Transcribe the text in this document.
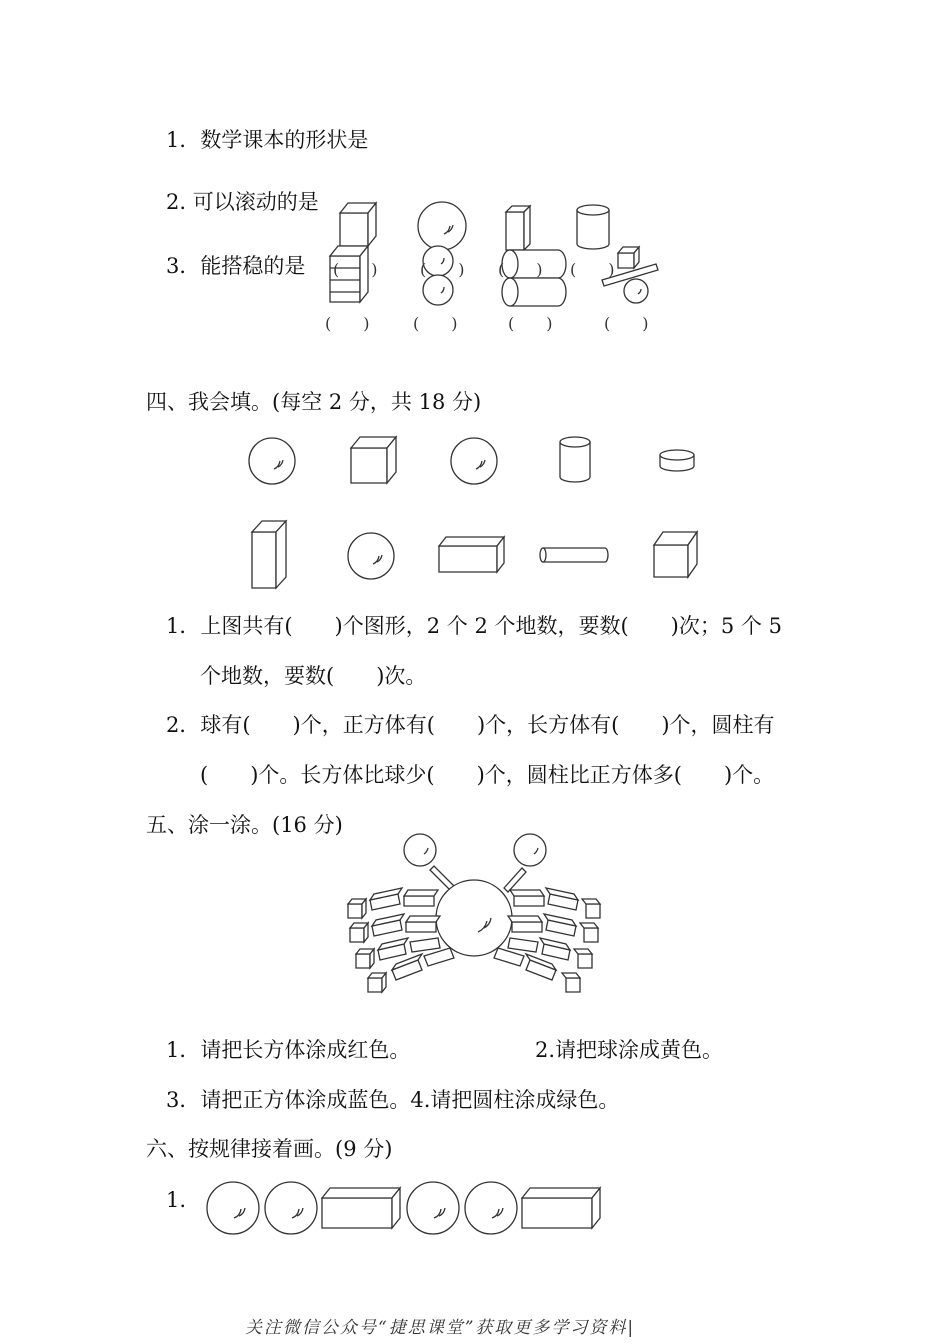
1．数学课本的形状是
2. 可以滚动的是
3．能搭稳的是
(　　)	(　　)	(　　)	(　　)
(　　)	(　　) (　　) (　　)
四、我会填。(每空 2 分，共 18 分)
1．上图共有(　　)个图形，2 个 2 个地数，要数(　　)次；5 个 5
个地数，要数(　　)次。
2．球有(　　)个，正方体有(　　)个，长方体有(　　)个，圆柱有
(　　)个。长方体比球少(　　)个，圆柱比正方体多(　　)个。
五、涂一涂。(16 分)
1．请把长方体涂成红色。	2.请把球涂成黄色。
3．请把正方体涂成蓝色。4.请把圆柱涂成绿色。
六、按规律接着画。(9 分)
1.
关注微信公众号“捷思课堂”获取更多学习资料|
